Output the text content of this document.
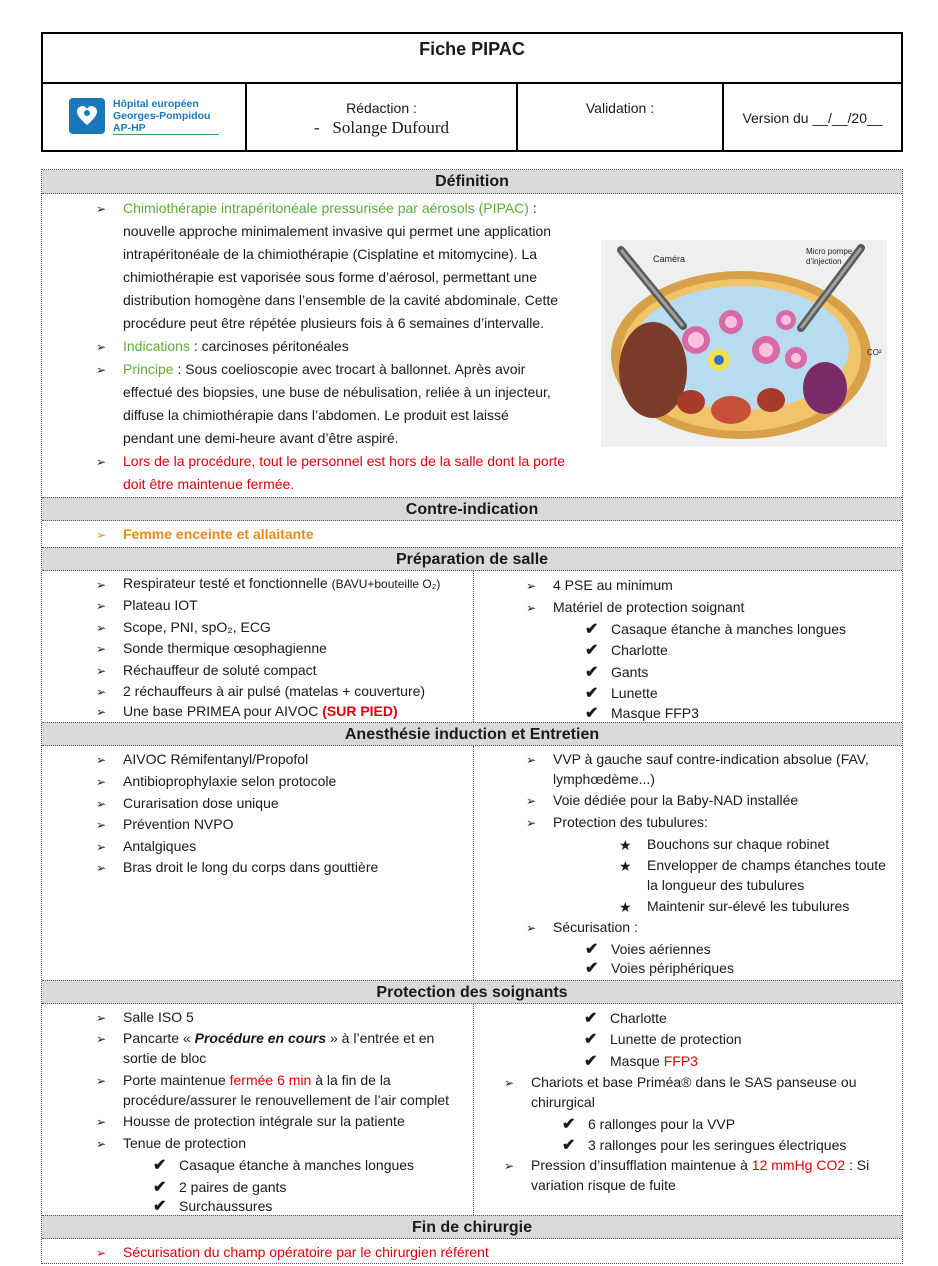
Fiche PIPAC
Hôpital européen
Georges-Pompidou
AP-HP
Rédaction :
- Solange Dufourd
Validation :
Version du __/__/20__
Définition
➢ Chimiothérapie intrapéritonéale pressurisée par aérosols (PIPAC) :
nouvelle approche minimalement invasive qui permet une application
intrapéritonéale de la chimiothérapie (Cisplatine et mitomycine). La
chimiothérapie est vaporisée sous forme d’aérosol, permettant une
distribution homogène dans l’ensemble de la cavité abdominale. Cette
procédure peut être répétée plusieurs fois à 6 semaines d’intervalle.
➢ Indications : carcinoses péritonéales
➢ Principe : Sous coelioscopie avec trocart à ballonnet. Après avoir
effectué des biopsies, une buse de nébulisation, reliée à un injecteur,
diffuse la chimiothérapie dans l’abdomen. Le produit est laissé
pendant une demi-heure avant d’être aspiré.
➢ Lors de la procédure, tout le personnel est hors de la salle dont la porte
doit être maintenue fermée.
Caméra
Micro pompe
d’injection
CO²
Contre-indication
➢ Femme enceinte et allaitante
Préparation de salle
➢ Respirateur testé et fonctionnelle (BAVU+bouteille O₂)
➢ Plateau IOT
➢ Scope, PNI, spO₂, ECG
➢ Sonde thermique œsophagienne
➢ Réchauffeur de soluté compact
➢ 2 réchauffeurs à air pulsé (matelas + couverture)
➢ Une base PRIMEA pour AIVOC (SUR PIED)
➢ 4 PSE au minimum
➢ Matériel de protection soignant
✔ Casaque étanche à manches longues
✔ Charlotte
✔ Gants
✔ Lunette
✔ Masque FFP3
Anesthésie induction et Entretien
➢ AIVOC Rémifentanyl/Propofol
➢ Antibioprophylaxie selon protocole
➢ Curarisation dose unique
➢ Prévention NVPO
➢ Antalgiques
➢ Bras droit le long du corps dans gouttière
➢ VVP à gauche sauf contre-indication absolue (FAV,
lymphœdème...)
➢ Voie dédiée pour la Baby-NAD installée
➢ Protection des tubulures:
★ Bouchons sur chaque robinet
★ Envelopper de champs étanches toute
la longueur des tubulures
★ Maintenir sur-élevé les tubulures
➢ Sécurisation :
✔ Voies aériennes
✔ Voies périphériques
Protection des soignants
➢ Salle ISO 5
➢ Pancarte « Procédure en cours » à l’entrée et en
sortie de bloc
➢ Porte maintenue fermée 6 min à la fin de la
procédure/assurer le renouvellement de l’air complet
➢ Housse de protection intégrale sur la patiente
➢ Tenue de protection
✔ Casaque étanche à manches longues
✔ 2 paires de gants
✔ Surchaussures
✔ Charlotte
✔ Lunette de protection
✔ Masque FFP3
➢ Chariots et base Priméa® dans le SAS panseuse ou
chirurgical
✔ 6 rallonges pour la VVP
✔ 3 rallonges pour les seringues électriques
➢ Pression d’insufflation maintenue à 12 mmHg CO2 : Si
variation risque de fuite
Fin de chirurgie
➢ Sécurisation du champ opératoire par le chirurgien référent
